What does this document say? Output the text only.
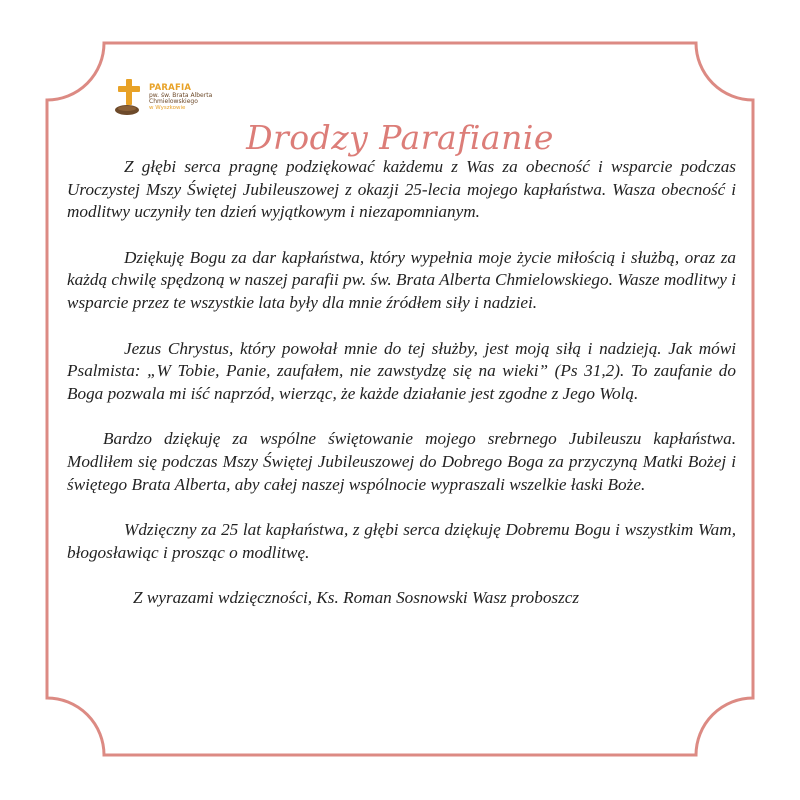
PARAFIA
pw. św. Brata Alberta
Chmielowskiego
w Wyszkowie
Drodzy Parafianie

Z głębi serca pragnę podziękować każdemu z Was za obecność i wsparcie podczas Uroczystej Mszy Świętej Jubileuszowej z okazji 25-lecia mojego kapłaństwa. Wasza obecność i modlitwy uczyniły ten dzień wyjątkowym i niezapomnianym.

Dziękuję Bogu za dar kapłaństwa, który wypełnia moje życie miłością i służbą, oraz za każdą chwilę spędzoną w naszej parafii pw. św. Brata Alberta Chmielowskiego. Wasze modlitwy i wsparcie przez te wszystkie lata były dla mnie źródłem siły i nadziei.

Jezus Chrystus, który powołał mnie do tej służby, jest moją siłą i nadzieją. Jak mówi Psalmista: „W Tobie, Panie, zaufałem, nie zawstydzę się na wieki” (Ps 31,2). To zaufanie do Boga pozwala mi iść naprzód, wierząc, że każde działanie jest zgodne z Jego Wolą.

Bardzo dziękuję za wspólne świętowanie mojego srebrnego Jubileuszu kapłaństwa. Modliłem się podczas Mszy Świętej Jubileuszowej do Dobrego Boga za przyczyną Matki Bożej i świętego Brata Alberta, aby całej naszej wspólnocie wypraszali wszelkie łaski Boże.

Wdzięczny za 25 lat kapłaństwa, z głębi serca dziękuję Dobremu Bogu i wszystkim Wam, błogosławiąc i prosząc o modlitwę.

Z wyrazami wdzięczności, Ks. Roman Sosnowski Wasz proboszcz
